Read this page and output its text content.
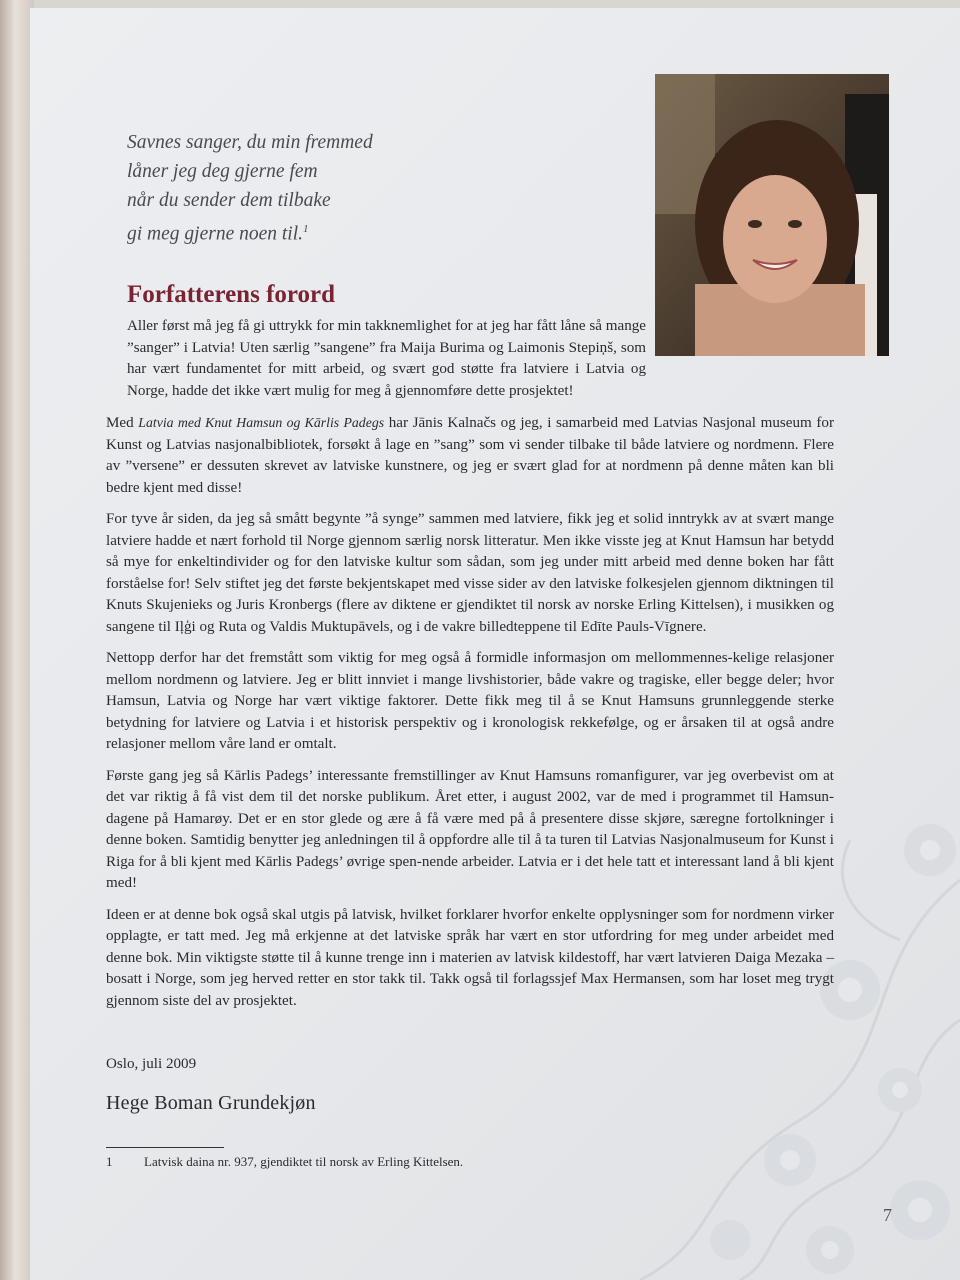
Savnes sanger, du min fremmed
låner jeg deg gjerne fem
når du sender dem tilbake
gi meg gjerne noen til.$^1$
Forfatterens forord

Aller først må jeg få gi uttrykk for min takknemlighet for at jeg har fått låne så mange ”sanger” i Latvia! Uten særlig ”sangene” fra Maija Burima og Laimonis Stepiņš, som har vært fundamentet for mitt arbeid, og svært god støtte fra latviere i Latvia og Norge, hadde det ikke vært mulig for meg å gjennomføre dette prosjektet!

Med Latvia med Knut Hamsun og Kārlis Padegs har Jānis Kalnačs og jeg, i samarbeid med Latvias Nasjonal museum for Kunst og Latvias nasjonalbibliotek, forsøkt å lage en ”sang” som vi sender tilbake til både latviere og nordmenn. Flere av ”versene” er dessuten skrevet av latviske kunstnere, og jeg er svært glad for at nordmenn på denne måten kan bli bedre kjent med disse!

For tyve år siden, da jeg så smått begynte ”å synge” sammen med latviere, fikk jeg et solid inntrykk av at svært mange latviere hadde et nært forhold til Norge gjennom særlig norsk litteratur. Men ikke visste jeg at Knut Hamsun har betydd så mye for enkeltindivider og for den latviske kultur som sådan, som jeg under mitt arbeid med denne boken har fått forståelse for! Selv stiftet jeg det første bekjentskapet med visse sider av den latviske folkesjelen gjennom diktningen til Knuts Skujenieks og Juris Kronbergs (flere av diktene er gjendiktet til norsk av norske Erling Kittelsen), i musikken og sangene til Iļģi og Ruta og Valdis Muktupāvels, og i de vakre billedteppene til Edīte Pauls-Vīgnere.

Nettopp derfor har det fremstått som viktig for meg også å formidle informasjon om mellommennes-kelige relasjoner mellom nordmenn og latviere. Jeg er blitt innviet i mange livshistorier, både vakre og tragiske, eller begge deler; hvor Hamsun, Latvia og Norge har vært viktige faktorer. Dette fikk meg til å se Knut Hamsuns grunnleggende sterke betydning for latviere og Latvia i et historisk perspektiv og i kronologisk rekkefølge, og er årsaken til at også andre relasjoner mellom våre land er omtalt.

Første gang jeg så Kārlis Padegs’ interessante fremstillinger av Knut Hamsuns romanfigurer, var jeg overbevist om at det var riktig å få vist dem til det norske publikum. Året etter, i august 2002, var de med i programmet til Hamsun-dagene på Hamarøy. Det er en stor glede og ære å få være med på å presentere disse skjøre, særegne fortolkninger i denne boken. Samtidig benytter jeg anledningen til å oppfordre alle til å ta turen til Latvias Nasjonalmuseum for Kunst i Riga for å bli kjent med Kārlis Padegs’ øvrige spen-nende arbeider. Latvia er i det hele tatt et interessant land å bli kjent med!

Ideen er at denne bok også skal utgis på latvisk, hvilket forklarer hvorfor enkelte opplysninger som for nordmenn virker opplagte, er tatt med. Jeg må erkjenne at det latviske språk har vært en stor utfordring for meg under arbeidet med denne bok. Min viktigste støtte til å kunne trenge inn i materien av latvisk kildestoff, har vært latvieren Daiga Mezaka – bosatt i Norge, som jeg herved retter en stor takk til. Takk også til forlagssjef Max Hermansen, som har loset meg trygt gjennom siste del av prosjektet.

Oslo, juli 2009
Hege Boman Grundekjøn
1 Latvisk daina nr. 937, gjendiktet til norsk av Erling Kittelsen.
7
